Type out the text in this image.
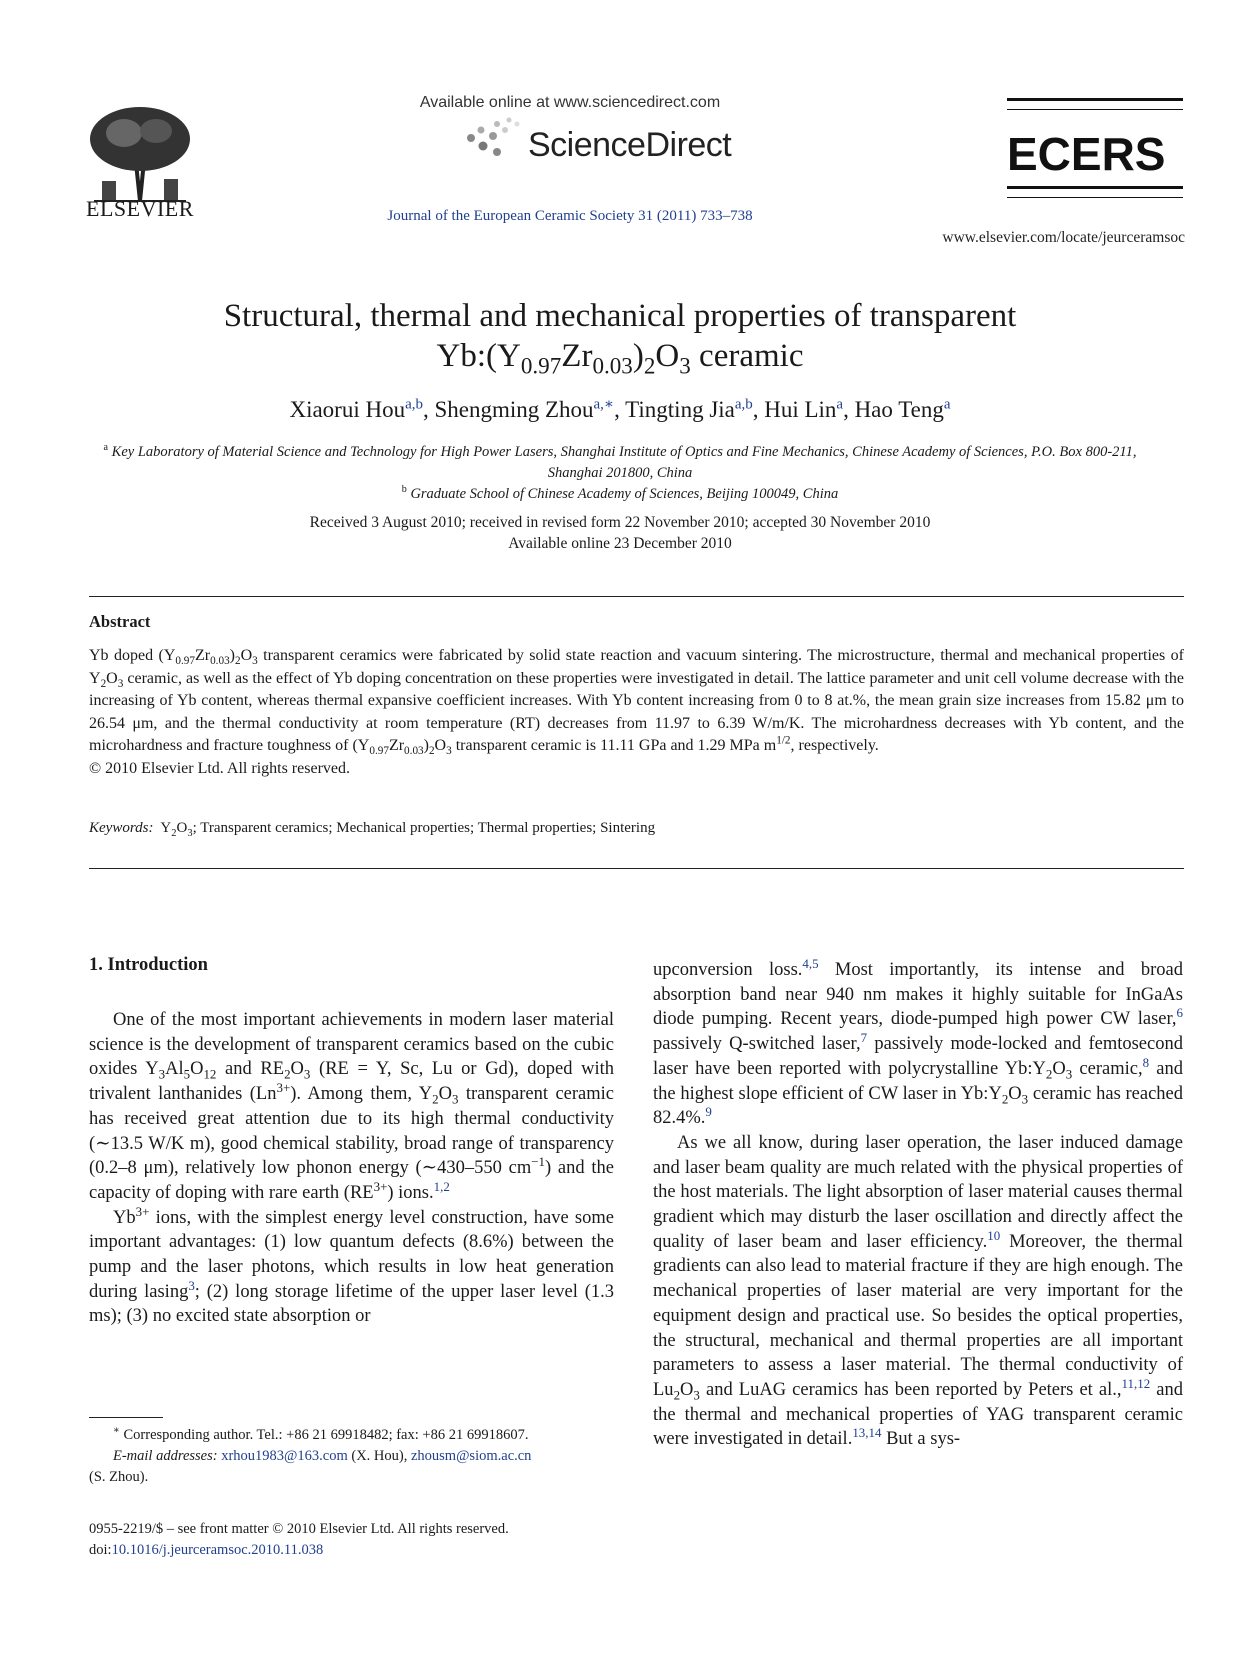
ELSEVIER
Available online at www.sciencedirect.com
ScienceDirect
Journal of the European Ceramic Society 31 (2011) 733–738
ECERS
www.elsevier.com/locate/jeurceramsoc
Structural, thermal and mechanical properties of transparent
$Yb:(Y_{0.97}Zr_{0.03})_2O_3$ ceramic
Xiaorui Hou$^{a,b}$, Shengming Zhou$^{a,∗}$, Tingting Jia$^{a,b}$, Hui Lin$^a$, Hao Teng$^a$
$^a$ Key Laboratory of Material Science and Technology for High Power Lasers, Shanghai Institute of Optics and Fine Mechanics, Chinese Academy of Sciences, P.O. Box 800-211, Shanghai 201800, China
$^b$ Graduate School of Chinese Academy of Sciences, Beijing 100049, China
Received 3 August 2010; received in revised form 22 November 2010; accepted 30 November 2010
Available online 23 December 2010
Abstract
Yb doped $(Y_{0.97}Zr_{0.03})_2O_3$ transparent ceramics were fabricated by solid state reaction and vacuum sintering. The microstructure, thermal and mechanical properties of $Y_2O_3$ ceramic, as well as the effect of Yb doping concentration on these properties were investigated in detail. The lattice parameter and unit cell volume decrease with the increasing of Yb content, whereas thermal expansive coefficient increases. With Yb content increasing from 0 to 8 at.%, the mean grain size increases from 15.82 μm to 26.54 μm, and the thermal conductivity at room temperature (RT) decreases from 11.97 to 6.39 W/m/K. The microhardness decreases with Yb content, and the microhardness and fracture toughness of $(Y_{0.97}Zr_{0.03})_2O_3$ transparent ceramic is 11.11 GPa and 1.29 MPa $m^{1/2}$, respectively.
© 2010 Elsevier Ltd. All rights reserved.
Keywords:  $Y_2O_3$; Transparent ceramics; Mechanical properties; Thermal properties; Sintering
1. Introduction

One of the most important achievements in modern laser material science is the development of transparent ceramics based on the cubic oxides $Y_3Al_5O_{12}$ and $RE_2O_3$ (RE = Y, Sc, Lu or Gd), doped with trivalent lanthanides $(Ln^{3+})$. Among them, $Y_2O_3$ transparent ceramic has received great attention due to its high thermal conductivity (∼13.5 W/K m), good chemical stability, broad range of transparency (0.2–8 μm), relatively low phonon energy (∼430–550 $cm^{-1}$) and the capacity of doping with rare earth $(RE^{3+})$ ions.$^{1,2}$

$Yb^{3+}$ ions, with the simplest energy level construction, have some important advantages: (1) low quantum defects (8.6%) between the pump and the laser photons, which results in low heat generation during lasing$^3$; (2) long storage lifetime of the upper laser level (1.3 ms); (3) no excited state absorption or

upconversion loss.$^{4,5}$ Most importantly, its intense and broad absorption band near 940 nm makes it highly suitable for InGaAs diode pumping. Recent years, diode-pumped high power CW laser,$^6$ passively Q-switched laser,$^7$ passively mode-locked and femtosecond laser have been reported with polycrystalline $Yb:Y_2O_3$ ceramic,$^8$ and the highest slope efficient of CW laser in $Yb:Y_2O_3$ ceramic has reached 82.4%.$^9$

As we all know, during laser operation, the laser induced damage and laser beam quality are much related with the physical properties of the host materials. The light absorption of laser material causes thermal gradient which may disturb the laser oscillation and directly affect the quality of laser beam and laser efficiency.$^{10}$ Moreover, the thermal gradients can also lead to material fracture if they are high enough. The mechanical properties of laser material are very important for the equipment design and practical use. So besides the optical properties, the structural, mechanical and thermal properties are all important parameters to assess a laser material. The thermal conductivity of $Lu_2O_3$ and LuAG ceramics has been reported by Peters et al.,$^{11,12}$ and the thermal and mechanical properties of YAG transparent ceramic were investigated in detail.$^{13,14}$ But a sys-

∗ Corresponding author. Tel.: +86 21 69918482; fax: +86 21 69918607.
E-mail addresses: xrhou1983@163.com (X. Hou), zhousm@siom.ac.cn
(S. Zhou).
0955-2219/$ – see front matter © 2010 Elsevier Ltd. All rights reserved.
doi:10.1016/j.jeurceramsoc.2010.11.038
